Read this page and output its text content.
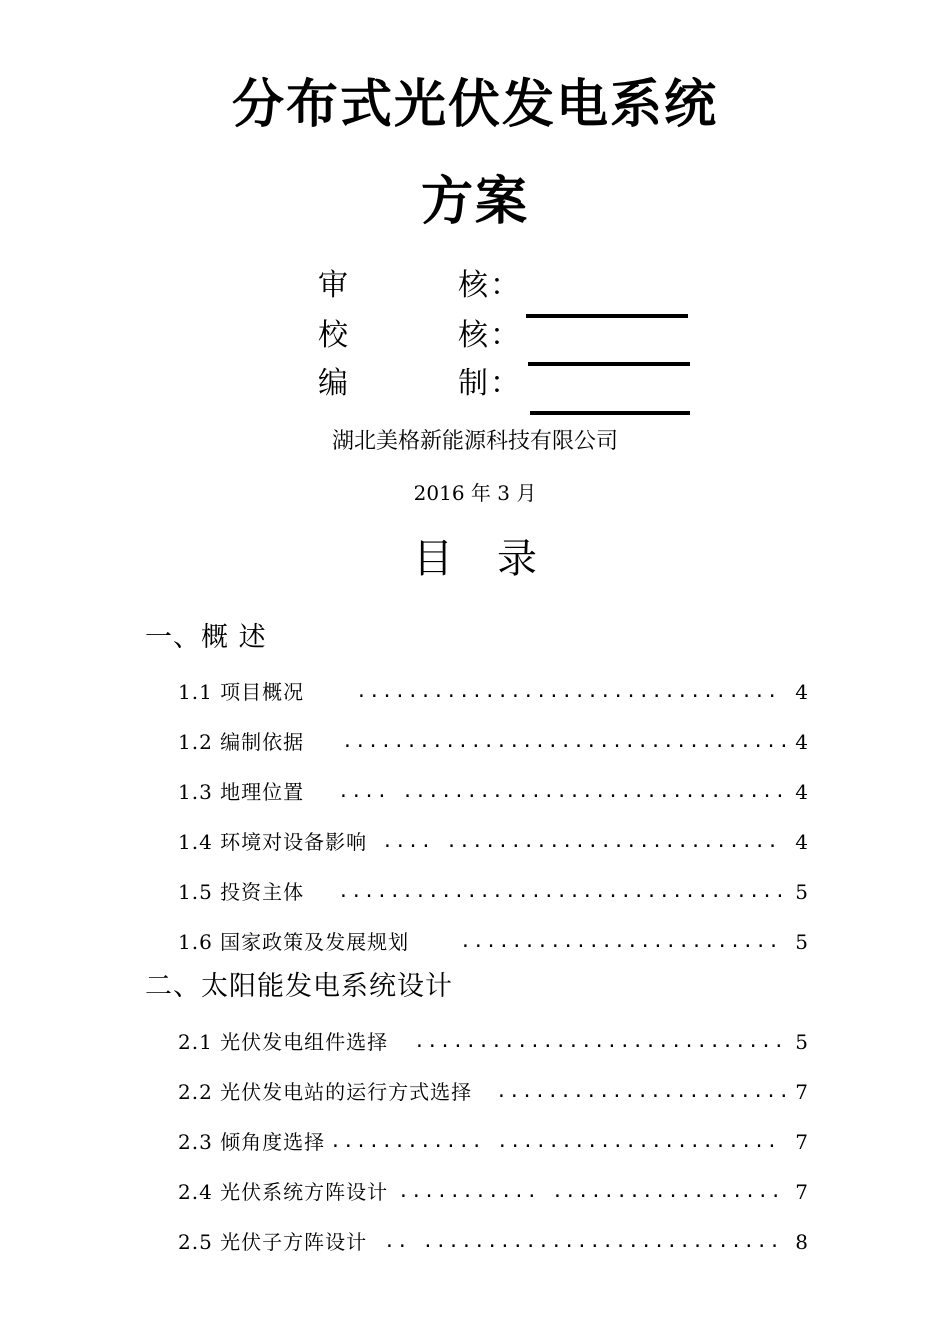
分布式光伏发电系统
方案
审	核 ：
校	核 ：
编	制 ：
湖北美格新能源科技有限公司
2016 年 3 月
目录
一、概 述
1.1 项目概况	................................. 4
1.2 编制依据 ................................... 4
1.3 地理位置 .... .............................. 4
1.4 环境对设备影响 .... .......................... 4
1.5 投资主体 ................................... 5
1.6 国家政策及发展规划	......................... 5
二、太阳能发电系统设计
2.1 光伏发电组件选择 ............................. 5
2.2 光伏发电站的运行方式选择 ....................... 7
2.3 倾角度选择 ............ ...................... 7
2.4 光伏系统方阵设计 ........... .................. 7
2.5 光伏子方阵设计 .. ............................ 8
